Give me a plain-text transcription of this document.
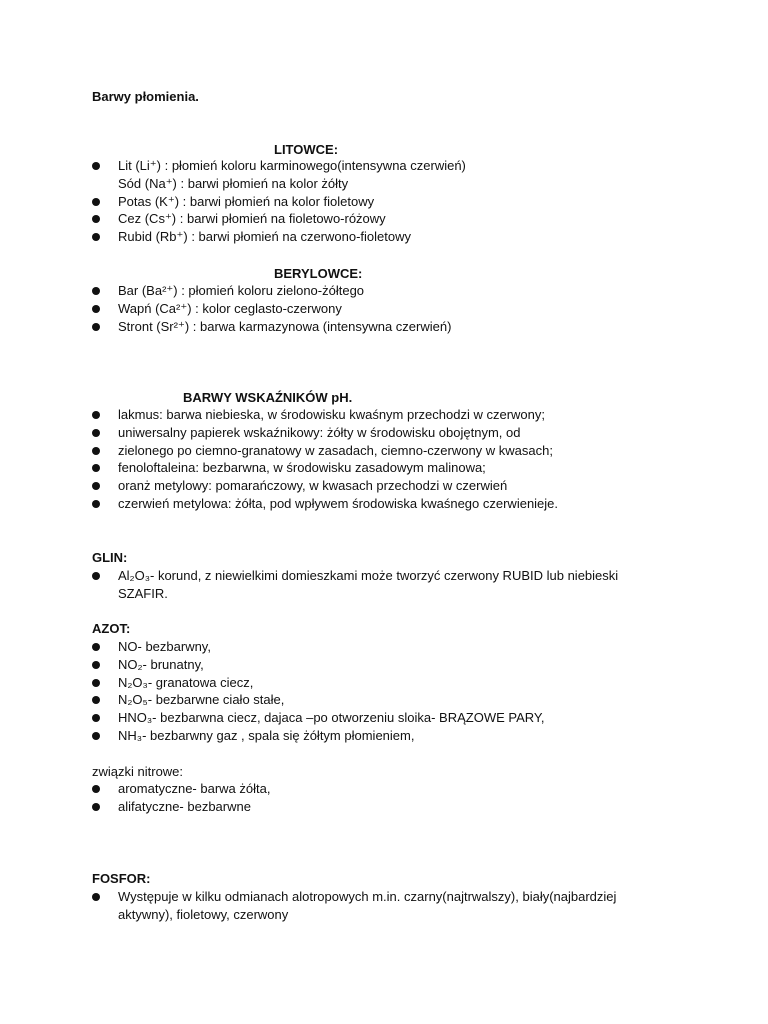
Barwy płomienia.
LITOWCE:
Lit (Li⁺) : płomień koloru karminowego(intensywna czerwień)
Sód (Na⁺) : barwi płomień na kolor żółty
Potas (K⁺) : barwi płomień na kolor fioletowy
Cez (Cs⁺) : barwi płomień na fioletowo-różowy
Rubid (Rb⁺) : barwi płomień na czerwono-fioletowy
BERYLOWCE:
Bar (Ba²⁺) : płomień koloru zielono-żółtego
Wapń (Ca²⁺) : kolor ceglasto-czerwony
Stront (Sr²⁺) : barwa karmazynowa (intensywna czerwień)
BARWY WSKAŹNIKÓW pH.
lakmus: barwa niebieska, w środowisku kwaśnym przechodzi w czerwony;
uniwersalny papierek wskaźnikowy: żółty w środowisku obojętnym, od
zielonego po ciemno-granatowy w zasadach, ciemno-czerwony w kwasach;
fenoloftaleina: bezbarwna, w środowisku zasadowym malinowa;
oranż metylowy: pomarańczowy, w kwasach przechodzi w czerwień
czerwień metylowa: żółta, pod wpływem środowiska kwaśnego czerwienieje.
GLIN:
Al₂O₃- korund, z niewielkimi domieszkami może tworzyć czerwony RUBID lub niebieski
SZAFIR.
AZOT:
NO- bezbarwny,
NO₂- brunatny,
N₂O₃- granatowa ciecz,
N₂O₅- bezbarwne ciało stałe,
HNO₃- bezbarwna ciecz, dajaca –po otworzeniu sloika- BRĄZOWE PARY,
NH₃- bezbarwny gaz , spala się żółtym płomieniem,
związki nitrowe:
aromatyczne- barwa żółta,
alifatyczne- bezbarwne
FOSFOR:
Występuje w kilku odmianach alotropowych m.in. czarny(najtrwalszy), biały(najbardziej
aktywny), fioletowy, czerwony
